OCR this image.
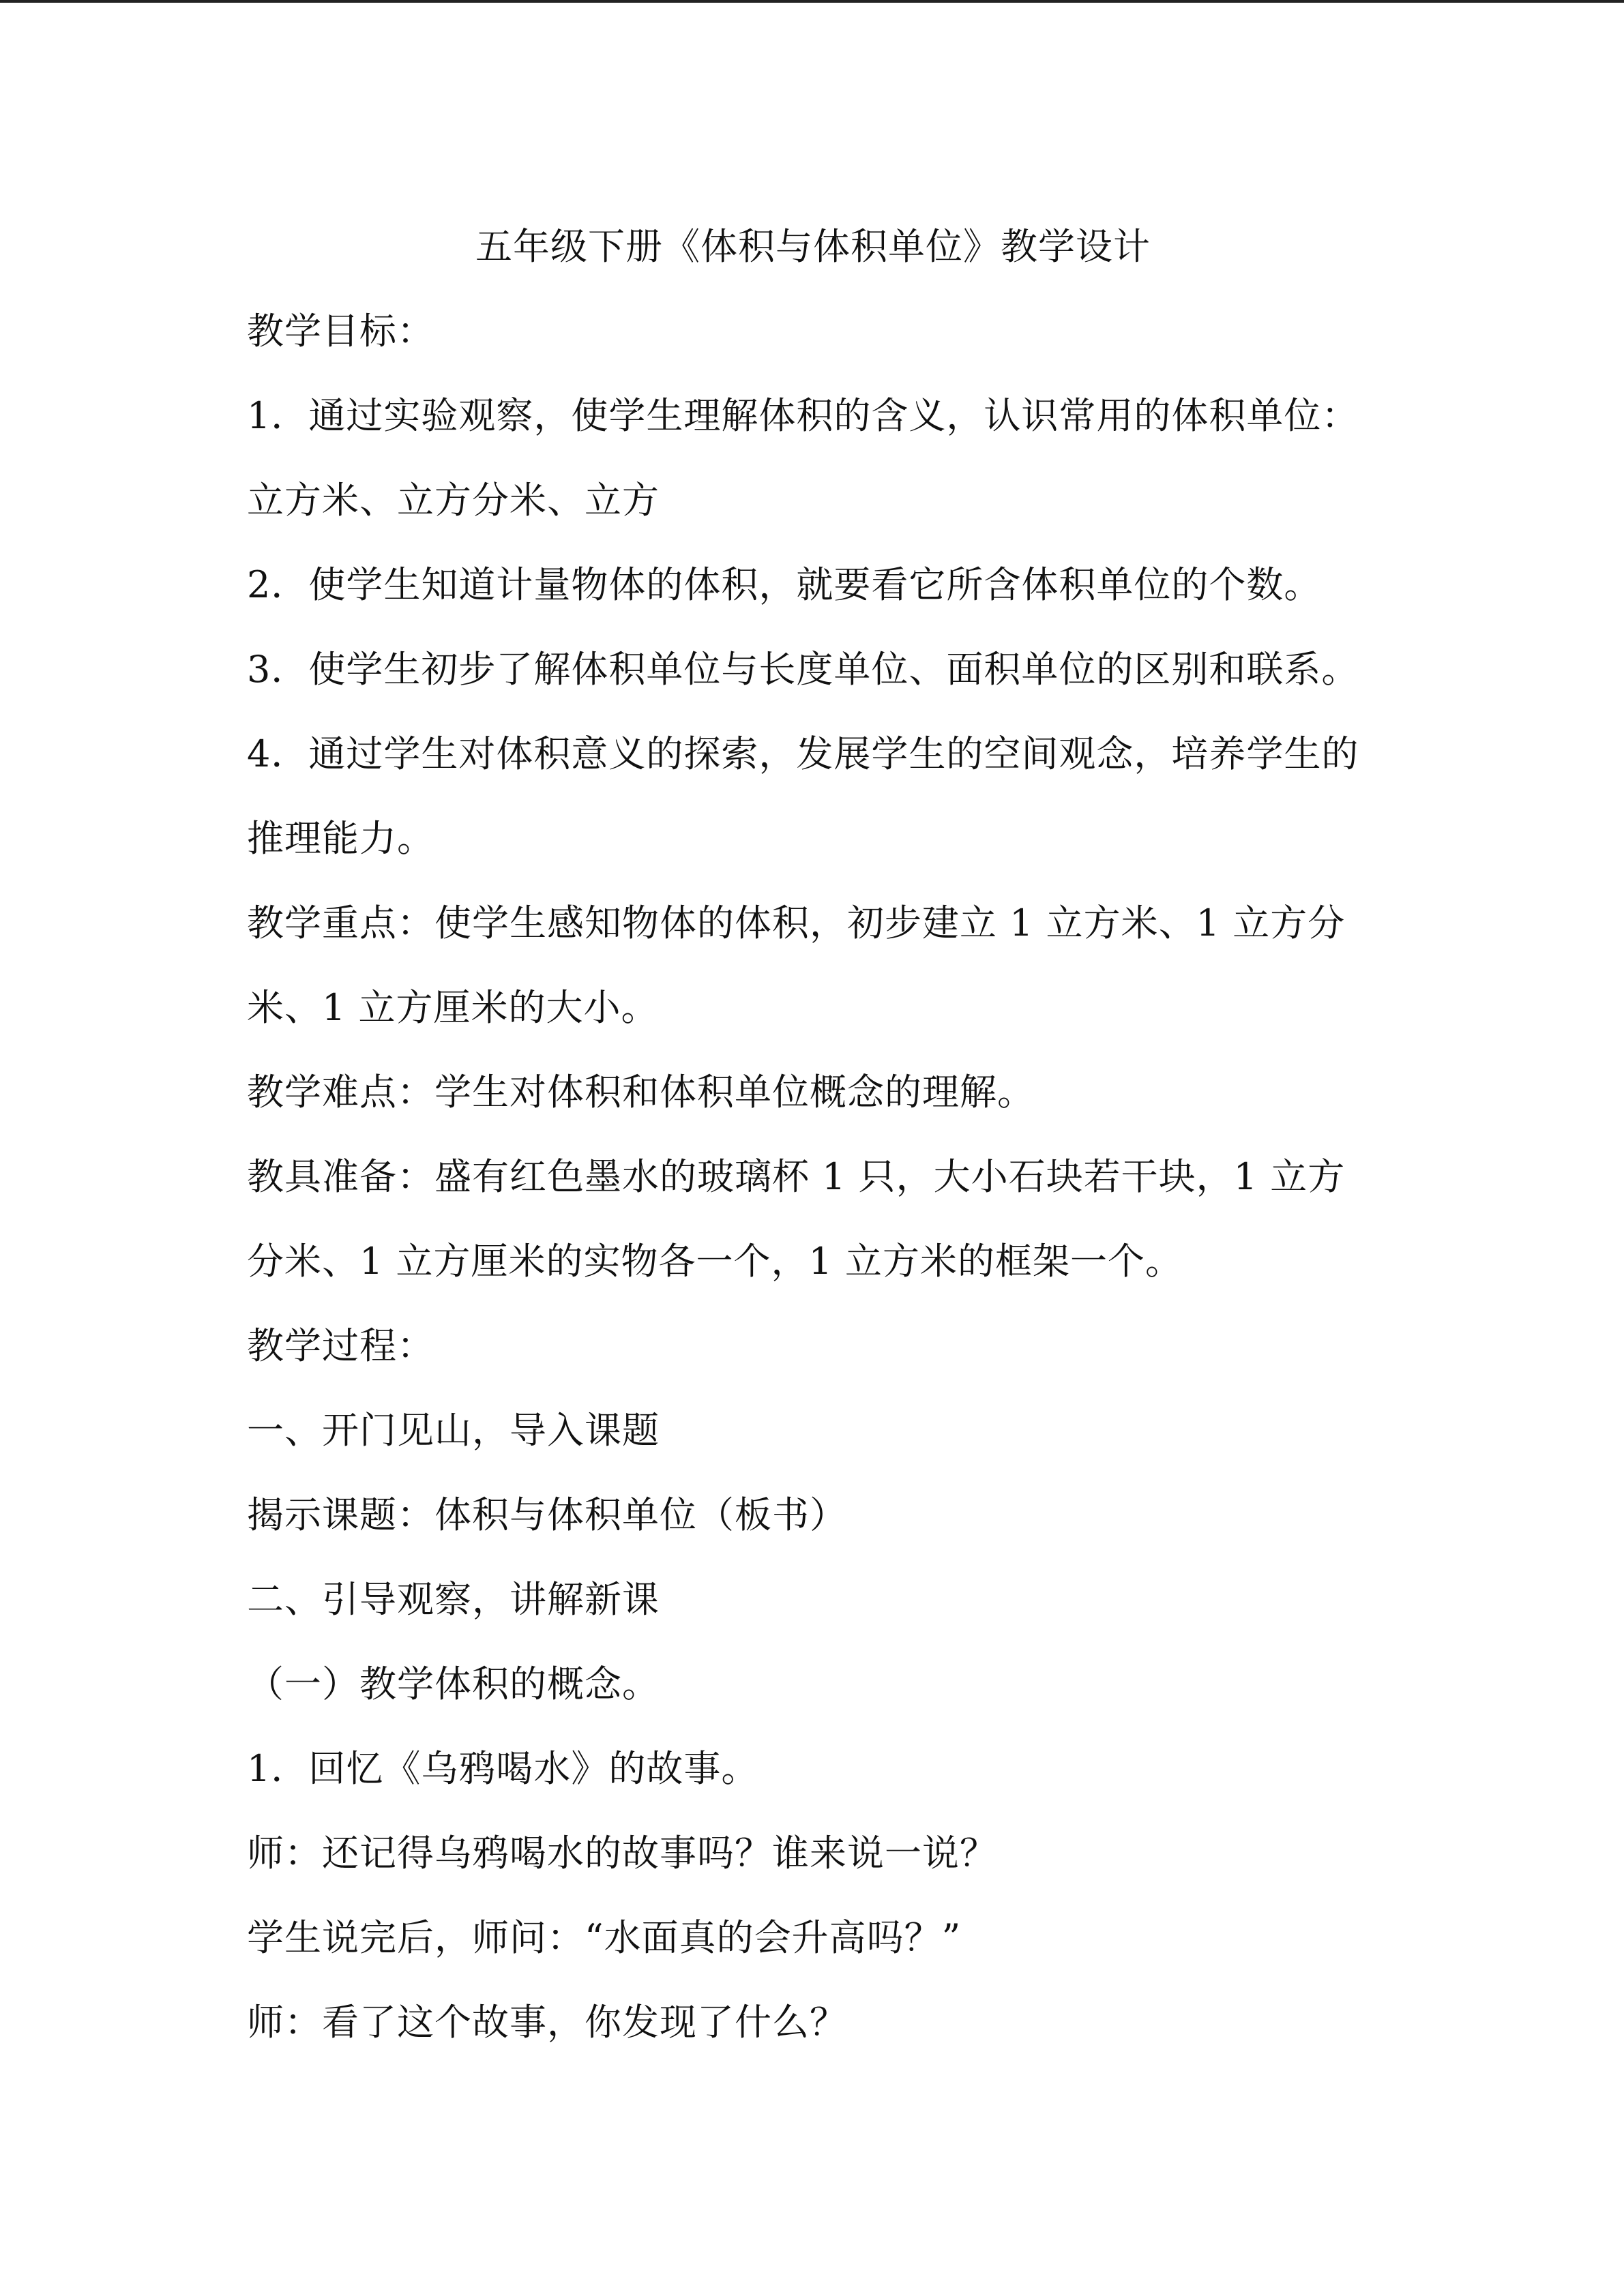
五年级下册《体积与体积单位》教学设计

教学目标：

1．通过实验观察，使学生理解体积的含义，认识常用的体积单位：

立方米、立方分米、立方

2．使学生知道计量物体的体积，就要看它所含体积单位的个数。

3．使学生初步了解体积单位与长度单位、面积单位的区别和联系。

4．通过学生对体积意义的探索，发展学生的空间观念，培养学生的

推理能力。

教学重点：使学生感知物体的体积，初步建立 1 立方米、1 立方分

米、1 立方厘米的大小。

教学难点：学生对体积和体积单位概念的理解。

教具准备：盛有红色墨水的玻璃杯 1 只，大小石块若干块，1 立方

分米、1 立方厘米的实物各一个，1 立方米的框架一个。

教学过程：

一、开门见山，导入课题

揭示课题：体积与体积单位（板书）

二、引导观察，讲解新课

（一）教学体积的概念。

1．回忆《乌鸦喝水》的故事。

师：还记得乌鸦喝水的故事吗？谁来说一说？

学生说完后，师问：“水面真的会升高吗？”

师：看了这个故事，你发现了什么？
